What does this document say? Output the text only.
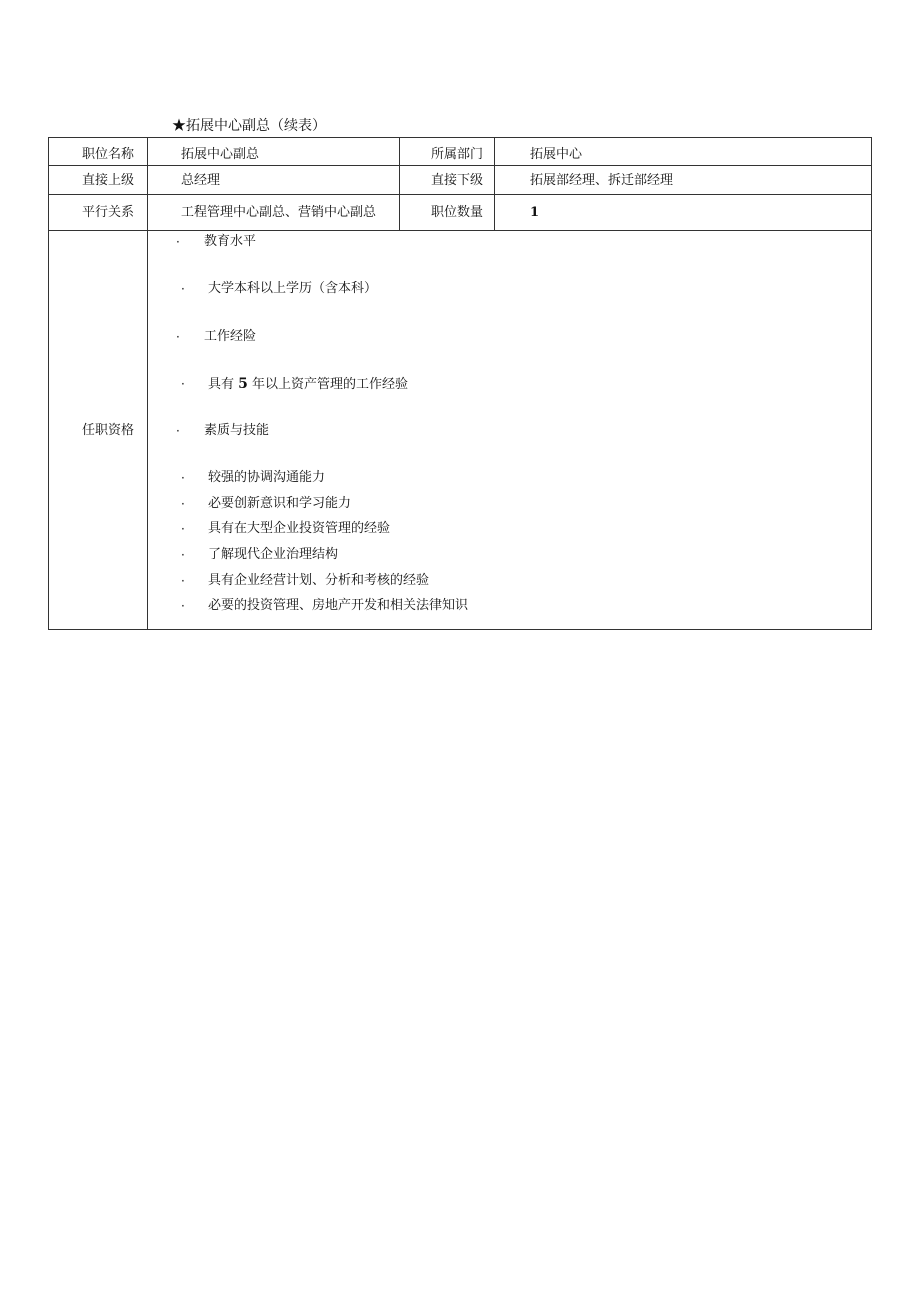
★拓展中心副总（续表）
职位名称	拓展中心副总	所属部门	拓展中心
直接上级	总经理	直接下级	拓展部经理、拆迁部经理
平行关系	工程管理中心副总、营销中心副总	职位数量	1
任职资格
· 教育水平
· 大学本科以上学历（含本科）
· 工作经险
· 具有 5 年以上资产管理的工作经验
· 素质与技能
· 较强的协调沟通能力
· 必要创新意识和学习能力
· 具有在大型企业投资管理的经验
· 了解现代企业治理结构
· 具有企业经营计划、分析和考核的经验
· 必要的投资管理、房地产开发和相关法律知识
